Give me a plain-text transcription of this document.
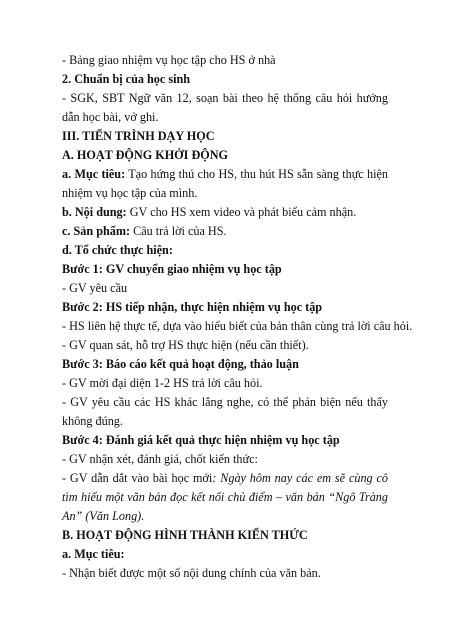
- Bảng giao nhiệm vụ học tập cho HS ở nhà

2. Chuẩn bị của học sinh

- SGK, SBT Ngữ văn 12, soạn bài theo hệ thống câu hỏi hướng dẫn học bài, vở ghi.

III. TIẾN TRÌNH DẠY HỌC

A. HOẠT ĐỘNG KHỞI ĐỘNG

a. Mục tiêu: Tạo hứng thú cho HS, thu hút HS sẵn sàng thực hiện nhiệm vụ học tập của mình.

b. Nội dung: GV cho HS xem video và phát biểu cảm nhận.

c. Sản phẩm: Câu trả lời của HS.

d. Tổ chức thực hiện:

Bước 1: GV chuyển giao nhiệm vụ học tập

- GV yêu cầu

Bước 2: HS tiếp nhận, thực hiện nhiệm vụ học tập

- HS liên hệ thực tế, dựa vào hiểu biết của bản thân cùng trả lời câu hỏi.

- GV quan sát, hỗ trợ HS thực hiện (nếu cần thiết).

Bước 3: Báo cáo kết quả hoạt động, thảo luận

- GV mời đại diện 1-2 HS trả lời câu hỏi.

- GV yêu cầu các HS khác lắng nghe, có thể phản biện nếu thấy không đúng.

Bước 4: Đánh giá kết quả thực hiện nhiệm vụ học tập

- GV nhận xét, đánh giá, chốt kiến thức:

- GV dẫn dắt vào bài học mới: Ngày hôm nay các em sẽ cùng cô tìm hiểu một văn bản đọc kết nối chủ điểm – văn bản “Ngõ Tràng An” (Văn Long).

B. HOẠT ĐỘNG HÌNH THÀNH KIẾN THỨC

a. Mục tiêu:

- Nhận biết được một số nội dung chính của văn bản.
